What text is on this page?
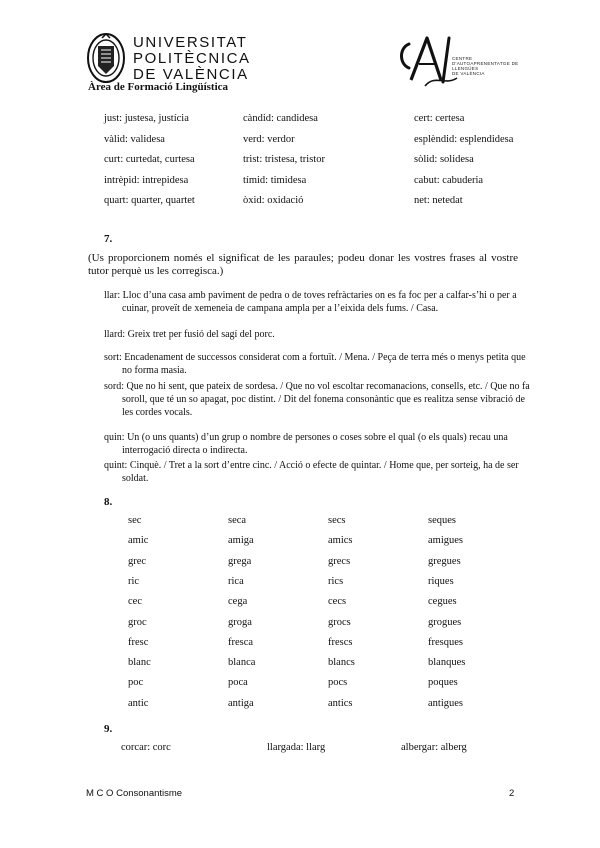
UNIVERSITAT
POLITÈCNICA
DE VALÈNCIA
Àrea de Formació Lingüística
CENTRE
D'AUTOAPRENENTATGE DE
LLENGÜES
DE VALÈNCIA
just: justesa, justícia	càndid: candidesa	cert: certesa
vàlid: validesa	verd: verdor	esplèndid: esplendidesa
curt: curtedat, curtesa	trist: tristesa, tristor	sòlid: solidesa
intrèpid: intrepidesa	tímid: timidesa	cabut: cabuderia
quart: quarter, quartet	òxid: oxidació	net: netedat
7.
(Us proporcionem només el significat de les paraules; podeu donar les vostres frases al vostre tutor perquè us les corregisca.)
llar: Lloc d’una casa amb paviment de pedra o de toves refràctaries on es fa foc per a calfar-s’hi o per a cuinar, proveït de xemeneia de campana ampla per a l’eixida dels fums. / Casa.
llard: Greix tret per fusió del sagí del porc.
sort: Encadenament de successos considerat com a fortuït. / Mena. / Peça de terra més o menys petita que no forma masia.
sord: Que no hi sent, que pateix de sordesa. / Que no vol escoltar recomanacions, consells, etc. / Que no fa soroll, que té un so apagat, poc distint. / Dit del fonema consonàntic que es realitza sense vibració de les cordes vocals.
quin: Un (o uns quants) d’un grup o nombre de persones o coses sobre el qual (o els quals) recau una interrogació directa o indirecta.
quint: Cinquè. / Tret a la sort d’entre cinc. / Acció o efecte de quintar. / Home que, per sorteig, ha de ser soldat.
8.
sec	seca	secs	seques
amic	amiga	amics	amigues
grec	grega	grecs	gregues
ric	rica	rics	riques
cec	cega	cecs	cegues
groc	groga	grocs	grogues
fresc	fresca	frescs	fresques
blanc	blanca	blancs	blanques
poc	poca	pocs	poques
antic	antiga	antics	antigues
9.
corcar: corc	llargada: llarg	albergar: alberg
M C O Consonantisme	2
